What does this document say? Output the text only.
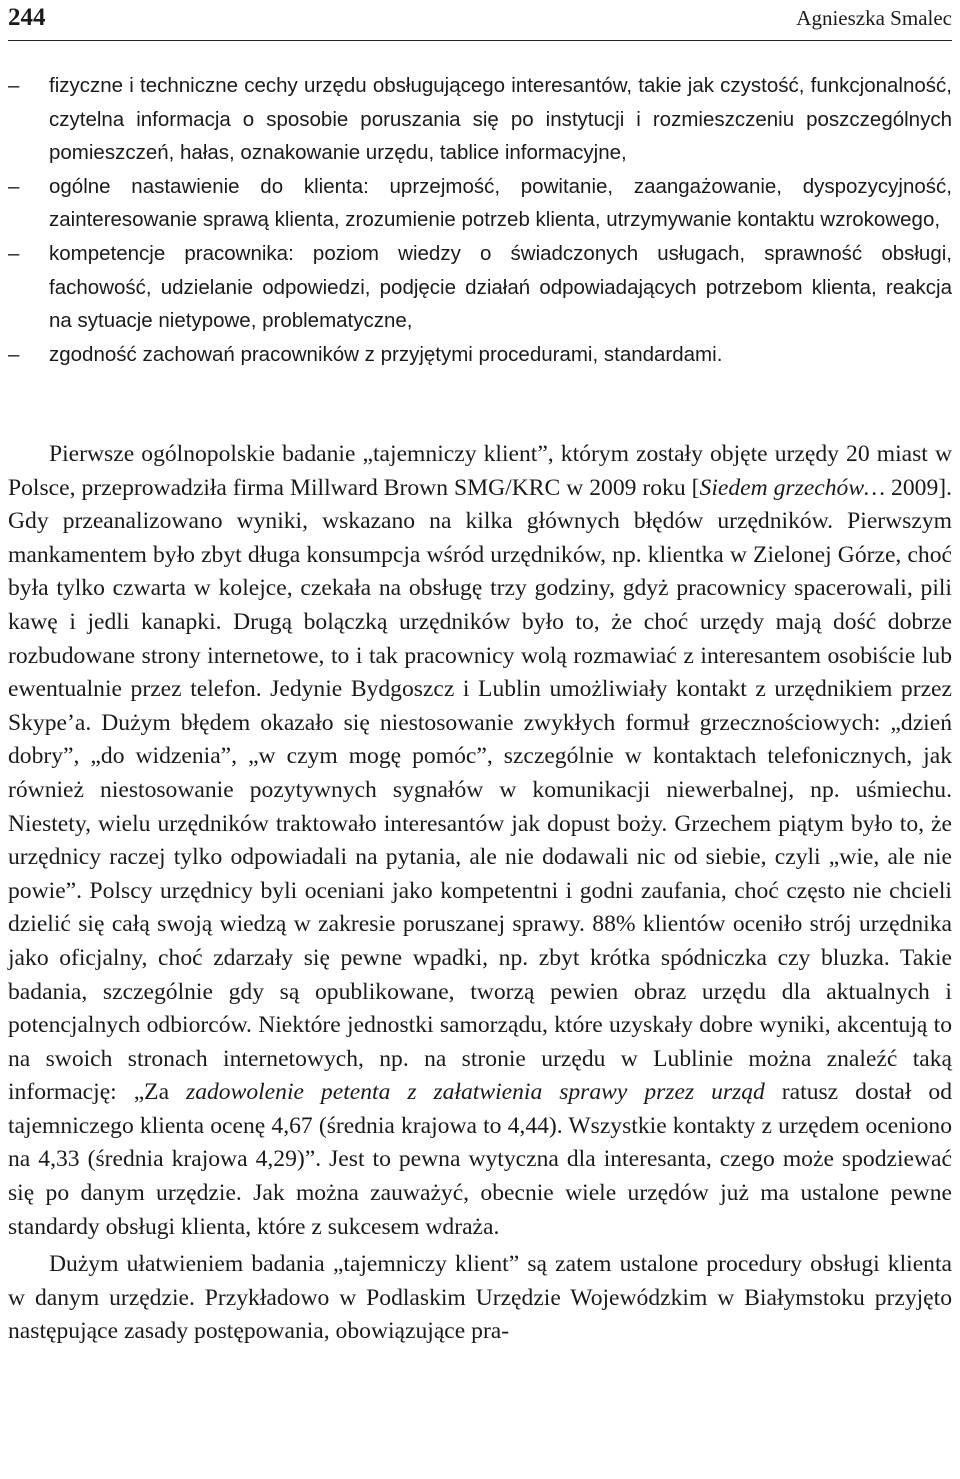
244	Agnieszka Smalec
– fizyczne i techniczne cechy urzędu obsługującego interesantów, takie jak czystość, funkcjonalność, czytelna informacja o sposobie poruszania się po instytucji i rozmieszczeniu poszczególnych pomieszczeń, hałas, oznakowanie urzędu, tablice informacyjne,
– ogólne nastawienie do klienta: uprzejmość, powitanie, zaangażowanie, dyspozycyjność, zainteresowanie sprawą klienta, zrozumienie potrzeb klienta, utrzymywanie kontaktu wzrokowego,
– kompetencje pracownika: poziom wiedzy o świadczonych usługach, sprawność obsługi, fachowość, udzielanie odpowiedzi, podjęcie działań odpowiadających potrzebom klienta, reakcja na sytuacje nietypowe, problematyczne,
– zgodność zachowań pracowników z przyjętymi procedurami, standardami.

Pierwsze ogólnopolskie badanie „tajemniczy klient”, którym zostały objęte urzędy 20 miast w Polsce, przeprowadziła firma Millward Brown SMG/KRC w 2009 roku [Siedem grzechów… 2009]. Gdy przeanalizowano wyniki, wskazano na kilka głównych błędów urzędników. Pierwszym mankamentem było zbyt długa konsumpcja wśród urzędników, np. klientka w Zielonej Górze, choć była tylko czwarta w kolejce, czekała na obsługę trzy godziny, gdyż pracownicy spacerowali, pili kawę i jedli kanapki. Drugą bolączką urzędników było to, że choć urzędy mają dość dobrze rozbudowane strony internetowe, to i tak pracownicy wolą rozmawiać z interesantem osobiście lub ewentualnie przez telefon. Jedynie Bydgoszcz i Lublin umożliwiały kontakt z urzędnikiem przez Skype’a. Dużym błędem okazało się niestosowanie zwykłych formuł grzecznościowych: „dzień dobry”, „do widzenia”, „w czym mogę pomóc”, szczególnie w kontaktach telefonicznych, jak również niestosowanie pozytywnych sygnałów w komunikacji niewerbalnej, np. uśmiechu. Niestety, wielu urzędników traktowało interesantów jak dopust boży. Grzechem piątym było to, że urzędnicy raczej tylko odpowiadali na pytania, ale nie dodawali nic od siebie, czyli „wie, ale nie powie”. Polscy urzędnicy byli oceniani jako kompetentni i godni zaufania, choć często nie chcieli dzielić się całą swoją wiedzą w zakresie poruszanej sprawy. 88% klientów oceniło strój urzędnika jako oficjalny, choć zdarzały się pewne wpadki, np. zbyt krótka spódniczka czy bluzka. Takie badania, szczególnie gdy są opublikowane, tworzą pewien obraz urzędu dla aktualnych i potencjalnych odbiorców. Niektóre jednostki samorządu, które uzyskały dobre wyniki, akcentują to na swoich stronach internetowych, np. na stronie urzędu w Lublinie można znaleźć taką informację: „Za zadowolenie petenta z załatwienia sprawy przez urząd ratusz dostał od tajemniczego klienta ocenę 4,67 (średnia krajowa to 4,44). Wszystkie kontakty z urzędem oceniono na 4,33 (średnia krajowa 4,29)”. Jest to pewna wytyczna dla interesanta, czego może spodziewać się po danym urzędzie. Jak można zauważyć, obecnie wiele urzędów już ma ustalone pewne standardy obsługi klienta, które z sukcesem wdraża.

Dużym ułatwieniem badania „tajemniczy klient” są zatem ustalone procedury obsługi klienta w danym urzędzie. Przykładowo w Podlaskim Urzędzie Wojewódzkim w Białymstoku przyjęto następujące zasady postępowania, obowiązujące pra-
